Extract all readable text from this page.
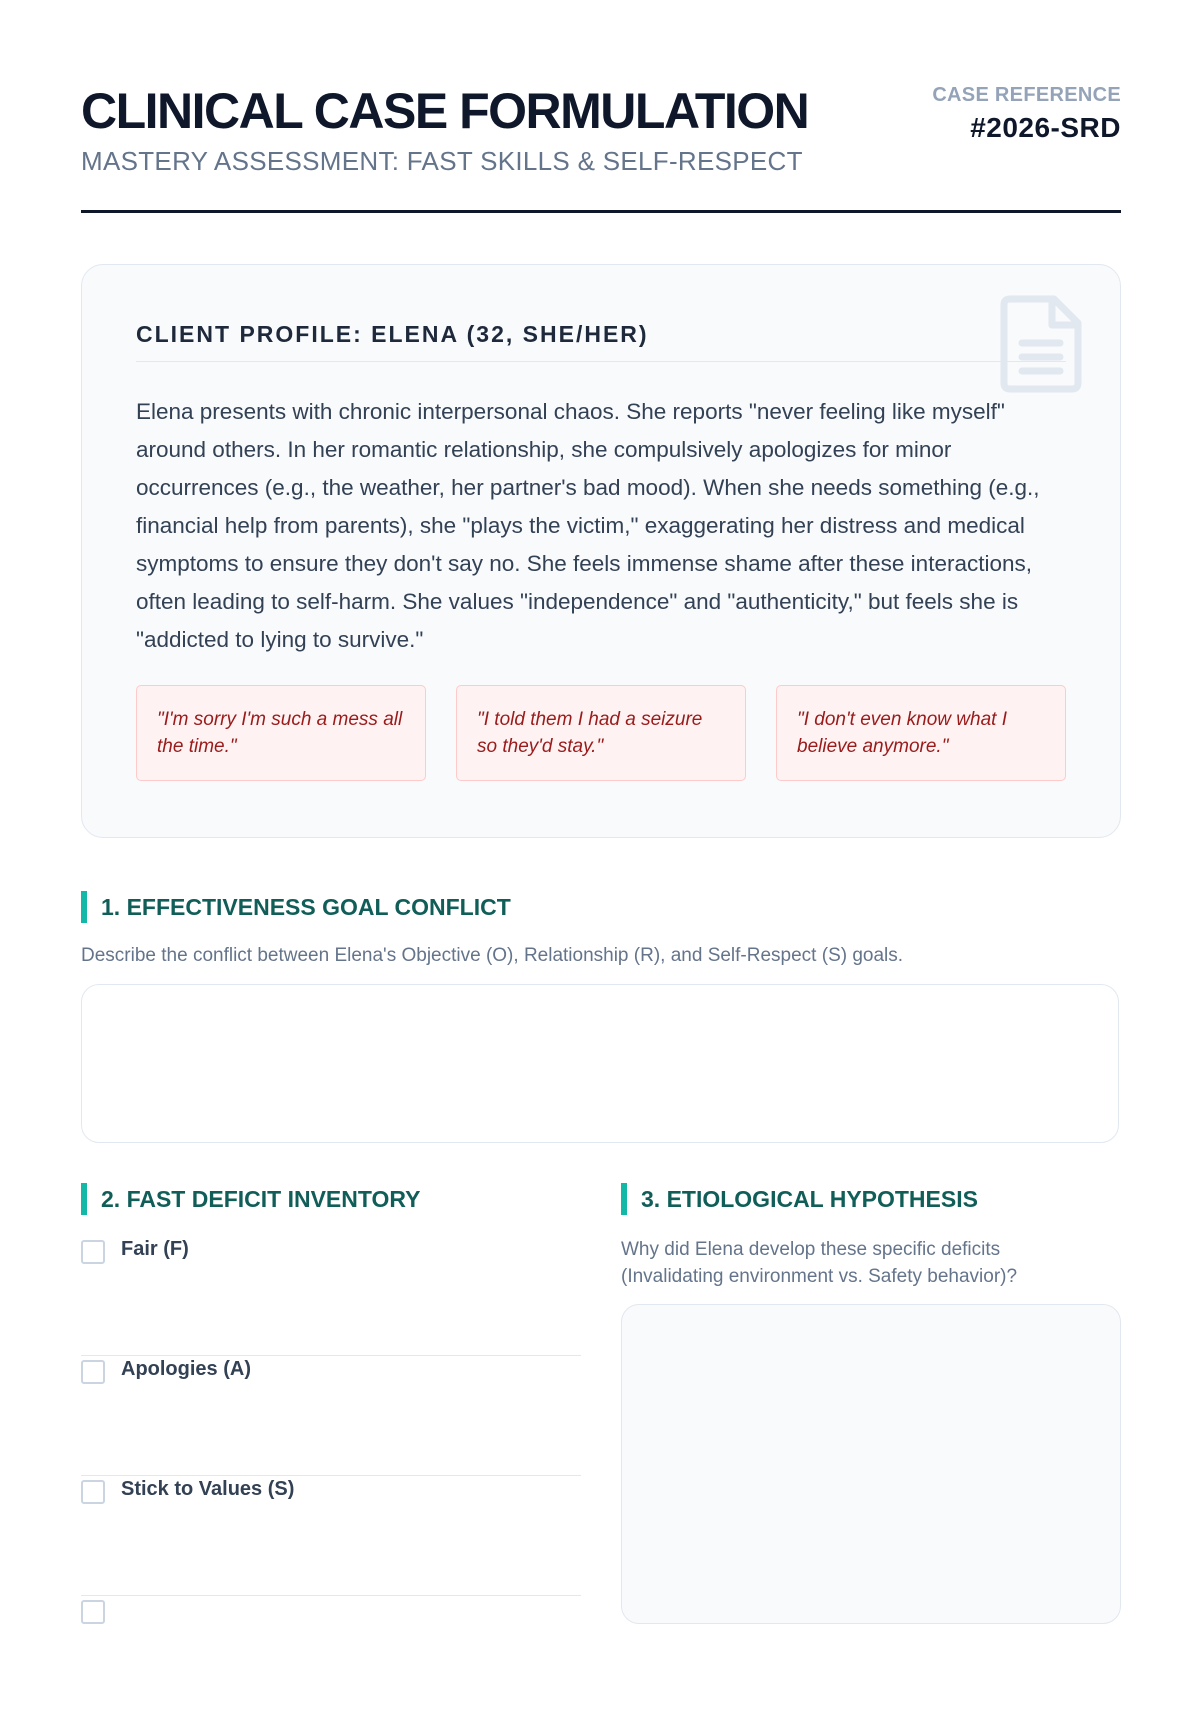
CLINICAL CASE FORMULATION
MASTERY ASSESSMENT: FAST SKILLS & SELF-RESPECT
CASE REFERENCE
#2026-SRD
CLIENT PROFILE: ELENA (32, SHE/HER)

Elena presents with chronic interpersonal chaos. She reports "never feeling like myself" around others. In her romantic relationship, she compulsively apologizes for minor occurrences (e.g., the weather, her partner's bad mood). When she needs something (e.g., financial help from parents), she "plays the victim," exaggerating her distress and medical symptoms to ensure they don't say no. She feels immense shame after these interactions, often leading to self-harm. She values "independence" and "authenticity," but feels she is "addicted to lying to survive."

"I'm sorry I'm such a mess all the time."
"I told them I had a seizure so they'd stay."
"I don't even know what I believe anymore."
1. EFFECTIVENESS GOAL CONFLICT

Describe the conflict between Elena's Objective (O), Relationship (R), and Self-Respect (S) goals.

2. FAST DEFICIT INVENTORY
Fair (F)
Apologies (A)
Stick to Values (S)
3. ETIOLOGICAL HYPOTHESIS

Why did Elena develop these specific deficits (Invalidating environment vs. Safety behavior)?
